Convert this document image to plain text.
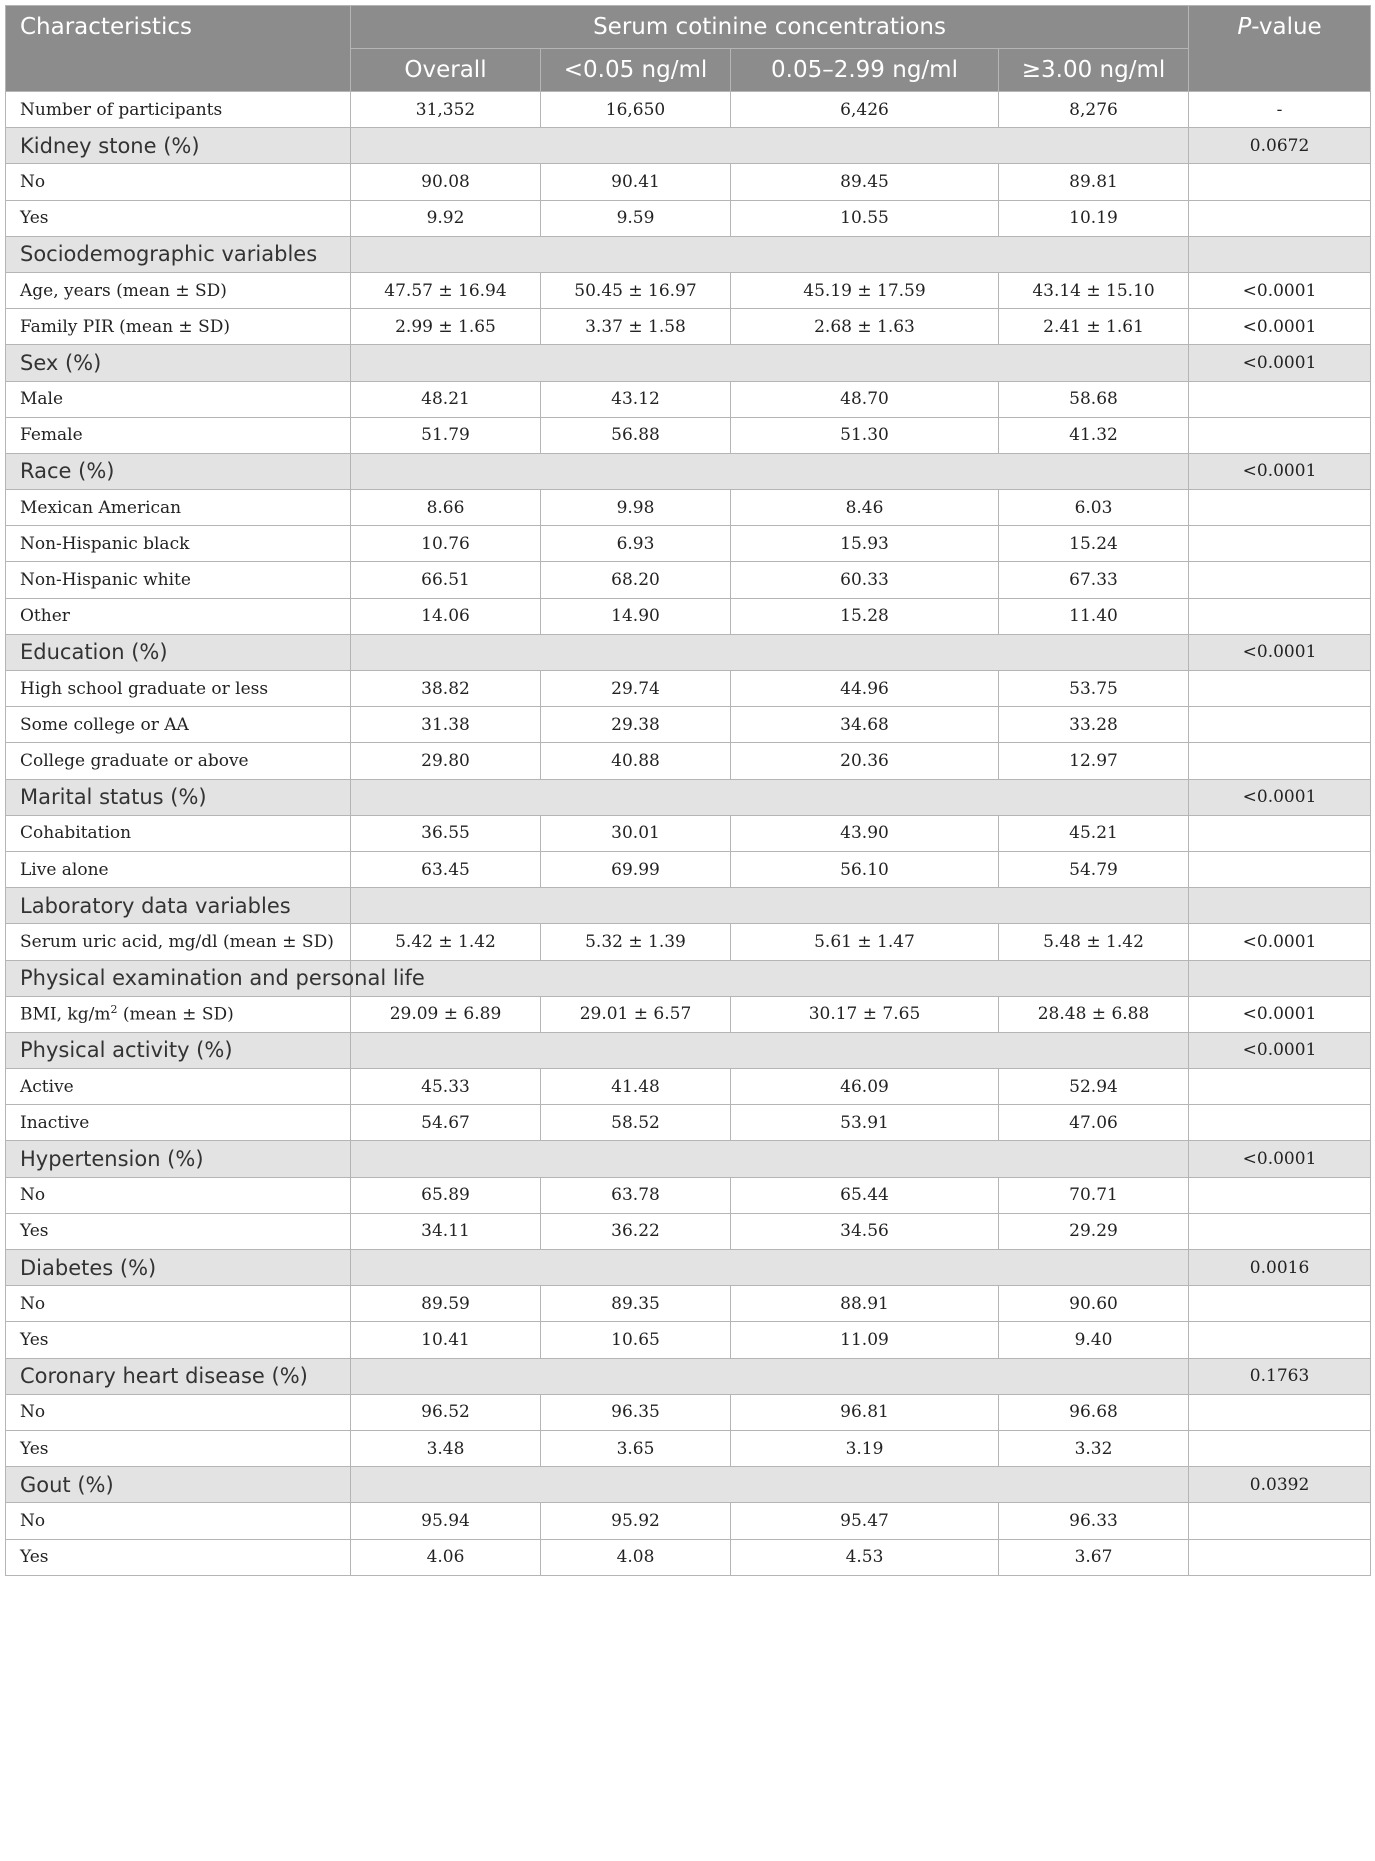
Characteristics	Serum cotinine concentrations				P-value
	Overall	<0.05 ng/ml	0.05–2.99 ng/ml	≥3.00 ng/ml	
Number of participants	31,352	16,650	6,426	8,276	-
Kidney stone (%)					0.0672
No	90.08	90.41	89.45	89.81	
Yes	9.92	9.59	10.55	10.19	
Sociodemographic variables					
Age, years (mean ± SD)	47.57 ± 16.94	50.45 ± 16.97	45.19 ± 17.59	43.14 ± 15.10	<0.0001
Family PIR (mean ± SD)	2.99 ± 1.65	3.37 ± 1.58	2.68 ± 1.63	2.41 ± 1.61	<0.0001
Sex (%)					<0.0001
Male	48.21	43.12	48.70	58.68	
Female	51.79	56.88	51.30	41.32	
Race (%)					<0.0001
Mexican American	8.66	9.98	8.46	6.03	
Non-Hispanic black	10.76	6.93	15.93	15.24	
Non-Hispanic white	66.51	68.20	60.33	67.33	
Other	14.06	14.90	15.28	11.40	
Education (%)					<0.0001
High school graduate or less	38.82	29.74	44.96	53.75	
Some college or AA	31.38	29.38	34.68	33.28	
College graduate or above	29.80	40.88	20.36	12.97	
Marital status (%)					<0.0001
Cohabitation	36.55	30.01	43.90	45.21	
Live alone	63.45	69.99	56.10	54.79	
Laboratory data variables					
Serum uric acid, mg/dl (mean ± SD)	5.42 ± 1.42	5.32 ± 1.39	5.61 ± 1.47	5.48 ± 1.42	<0.0001
Physical examination and personal life					
BMI, $kg/m^2$ (mean ± SD)	29.09 ± 6.89	29.01 ± 6.57	30.17 ± 7.65	28.48 ± 6.88	<0.0001
Physical activity (%)					<0.0001
Active	45.33	41.48	46.09	52.94	
Inactive	54.67	58.52	53.91	47.06	
Hypertension (%)					<0.0001
No	65.89	63.78	65.44	70.71	
Yes	34.11	36.22	34.56	29.29	
Diabetes (%)					0.0016
No	89.59	89.35	88.91	90.60	
Yes	10.41	10.65	11.09	9.40	
Coronary heart disease (%)					0.1763
No	96.52	96.35	96.81	96.68	
Yes	3.48	3.65	3.19	3.32	
Gout (%)					0.0392
No	95.94	95.92	95.47	96.33	
Yes	4.06	4.08	4.53	3.67	
